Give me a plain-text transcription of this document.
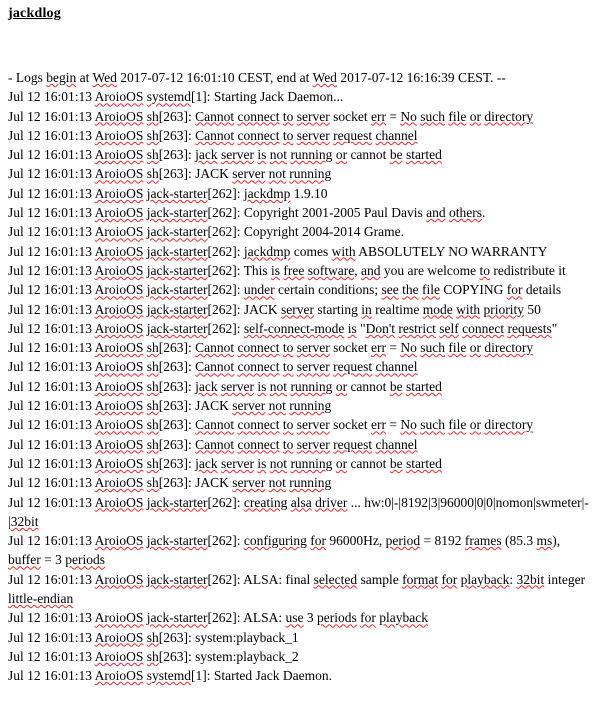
jackdlog

- Logs begin at Wed 2017-07-12 16:01:10 CEST, end at Wed 2017-07-12 16:16:39 CEST. --

Jul 12 16:01:13 AroioOS systemd[1]: Starting Jack Daemon...

Jul 12 16:01:13 AroioOS sh[263]: Cannot connect to server socket err = No such file or directory

Jul 12 16:01:13 AroioOS sh[263]: Cannot connect to server request channel

Jul 12 16:01:13 AroioOS sh[263]: jack server is not running or cannot be started

Jul 12 16:01:13 AroioOS sh[263]: JACK server not running

Jul 12 16:01:13 AroioOS jack-starter[262]: jackdmp 1.9.10

Jul 12 16:01:13 AroioOS jack-starter[262]: Copyright 2001-2005 Paul Davis and others.

Jul 12 16:01:13 AroioOS jack-starter[262]: Copyright 2004-2014 Grame.

Jul 12 16:01:13 AroioOS jack-starter[262]: jackdmp comes with ABSOLUTELY NO WARRANTY

Jul 12 16:01:13 AroioOS jack-starter[262]: This is free software, and you are welcome to redistribute it

Jul 12 16:01:13 AroioOS jack-starter[262]: under certain conditions; see the file COPYING for details

Jul 12 16:01:13 AroioOS jack-starter[262]: JACK server starting in realtime mode with priority 50

Jul 12 16:01:13 AroioOS jack-starter[262]: self-connect-mode is "Don't restrict self connect requests"

Jul 12 16:01:13 AroioOS sh[263]: Cannot connect to server socket err = No such file or directory

Jul 12 16:01:13 AroioOS sh[263]: Cannot connect to server request channel

Jul 12 16:01:13 AroioOS sh[263]: jack server is not running or cannot be started

Jul 12 16:01:13 AroioOS sh[263]: JACK server not running

Jul 12 16:01:13 AroioOS sh[263]: Cannot connect to server socket err = No such file or directory

Jul 12 16:01:13 AroioOS sh[263]: Cannot connect to server request channel

Jul 12 16:01:13 AroioOS sh[263]: jack server is not running or cannot be started

Jul 12 16:01:13 AroioOS sh[263]: JACK server not running

Jul 12 16:01:13 AroioOS jack-starter[262]: creating alsa driver ... hw:0|-|8192|3|96000|0|0|nomon|swmeter|-|32bit

Jul 12 16:01:13 AroioOS jack-starter[262]: configuring for 96000Hz, period = 8192 frames (85.3 ms), buffer = 3 periods

Jul 12 16:01:13 AroioOS jack-starter[262]: ALSA: final selected sample format for playback: 32bit integer little-endian

Jul 12 16:01:13 AroioOS jack-starter[262]: ALSA: use 3 periods for playback

Jul 12 16:01:13 AroioOS sh[263]: system:playback_1

Jul 12 16:01:13 AroioOS sh[263]: system:playback_2

Jul 12 16:01:13 AroioOS systemd[1]: Started Jack Daemon.
